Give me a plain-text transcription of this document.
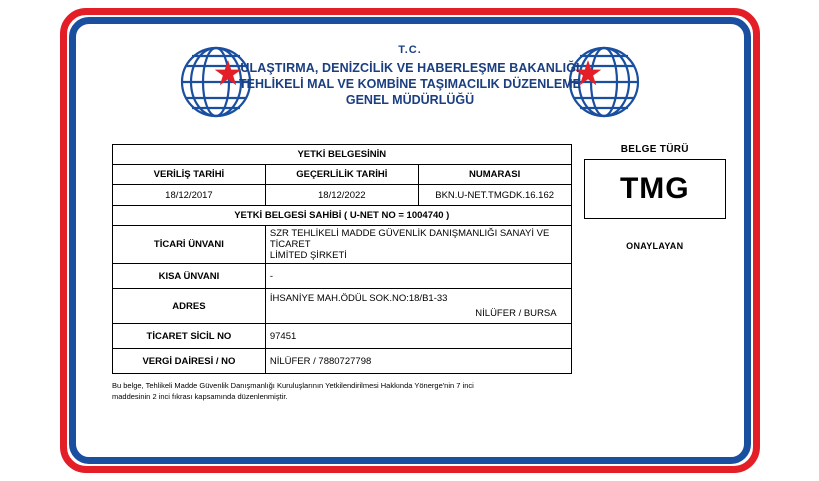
T.C.
ULAŞTIRMA, DENİZCİLİK VE HABERLEŞME BAKANLIĞI
TEHLİKELİ MAL VE KOMBİNE TAŞIMACILIK DÜZENLEME
GENEL MÜDÜRLÜĞÜ
YETKİ BELGESİNİN		
VERİLİŞ TARİHİ	GEÇERLİLİK TARİHİ	NUMARASI
18/12/2017	18/12/2022	BKN.U-NET.TMGDK.16.162
YETKİ BELGESİ SAHİBİ ( U-NET NO = 1004740 )		
TİCARİ ÜNVANI	SZR TEHLİKELİ MADDE GÜVENLİK DANIŞMANLIĞI SANAYİ VE TİCARET
LİMİTED ŞİRKETİ	

KISA ÜNVANI	-	
ADRES	İHSANİYE MAH.ÖDÜL SOK.NO:18/B1-33
NİLÜFER / BURSA	

TİCARET SİCİL NO	97451	
VERGİ DAİRESİ / NO	NİLÜFER / 7880727798	
BELGE TÜRÜ
TMG
ONAYLAYAN
Bu belge, Tehlikeli Madde Güvenlik Danışmanlığı Kuruluşlarının Yetkilendirilmesi Hakkında Yönerge'nin 7 inci
maddesinin 2 inci fıkrası kapsamında düzenlenmiştir.
